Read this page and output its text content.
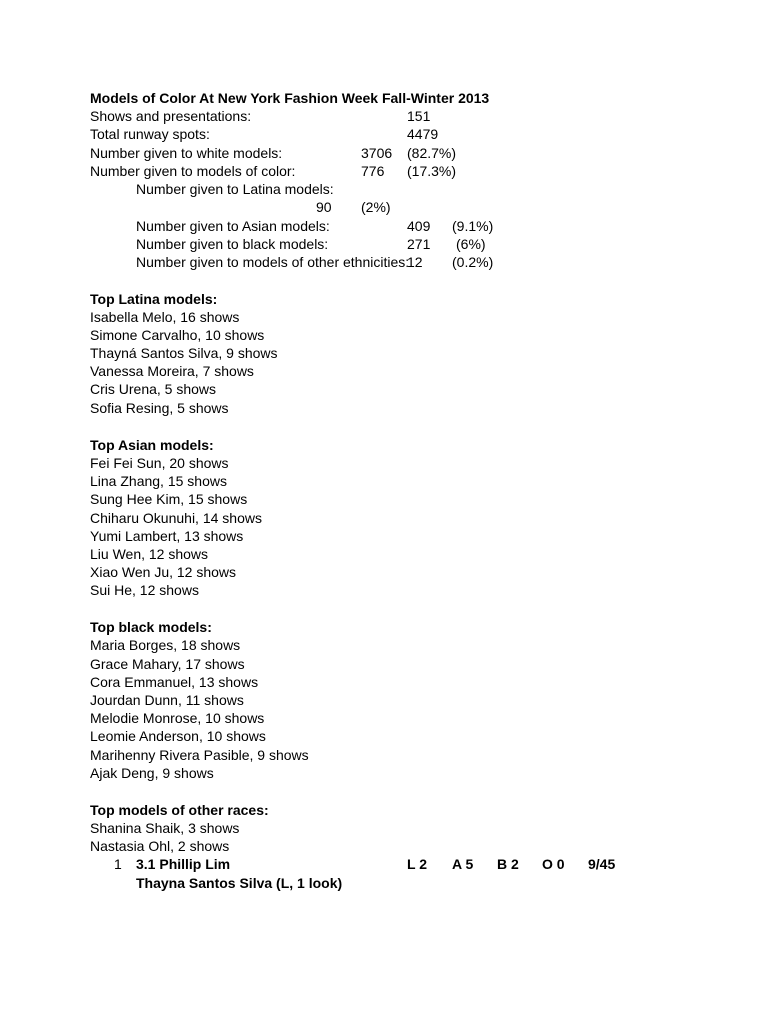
Models of Color At New York Fashion Week Fall-Winter 2013
Shows and presentations:	151
Total runway spots:	4479
Number given to white models:	3706 (82.7%)
Number given to models of color:	776 (17.3%)
Number given to Latina models:
90 (2%)
Number given to Asian models:	409 (9.1%)
Number given to black models:	271 (6%)
Number given to models of other ethnicities:
12 (0.2%)
Top Latina models:
Isabella Melo, 16 shows
Simone Carvalho, 10 shows
Thayná Santos Silva, 9 shows
Vanessa Moreira, 7 shows
Cris Urena, 5 shows
Sofia Resing, 5 shows
Top Asian models:
Fei Fei Sun, 20 shows
Lina Zhang, 15 shows
Sung Hee Kim, 15 shows
Chiharu Okunuhi, 14 shows
Yumi Lambert, 13 shows
Liu Wen, 12 shows
Xiao Wen Ju, 12 shows
Sui He, 12 shows
Top black models:
Maria Borges, 18 shows
Grace Mahary, 17 shows
Cora Emmanuel, 13 shows
Jourdan Dunn, 11 shows
Melodie Monrose, 10 shows
Leomie Anderson, 10 shows
Marihenny Rivera Pasible, 9 shows
Ajak Deng, 9 shows
Top models of other races:
Shanina Shaik, 3 shows
Nastasia Ohl, 2 shows
1 3.1 Phillip Lim	L 2 A 5 B 2 O 0 9/45
Thayna Santos Silva (L, 1 look)
